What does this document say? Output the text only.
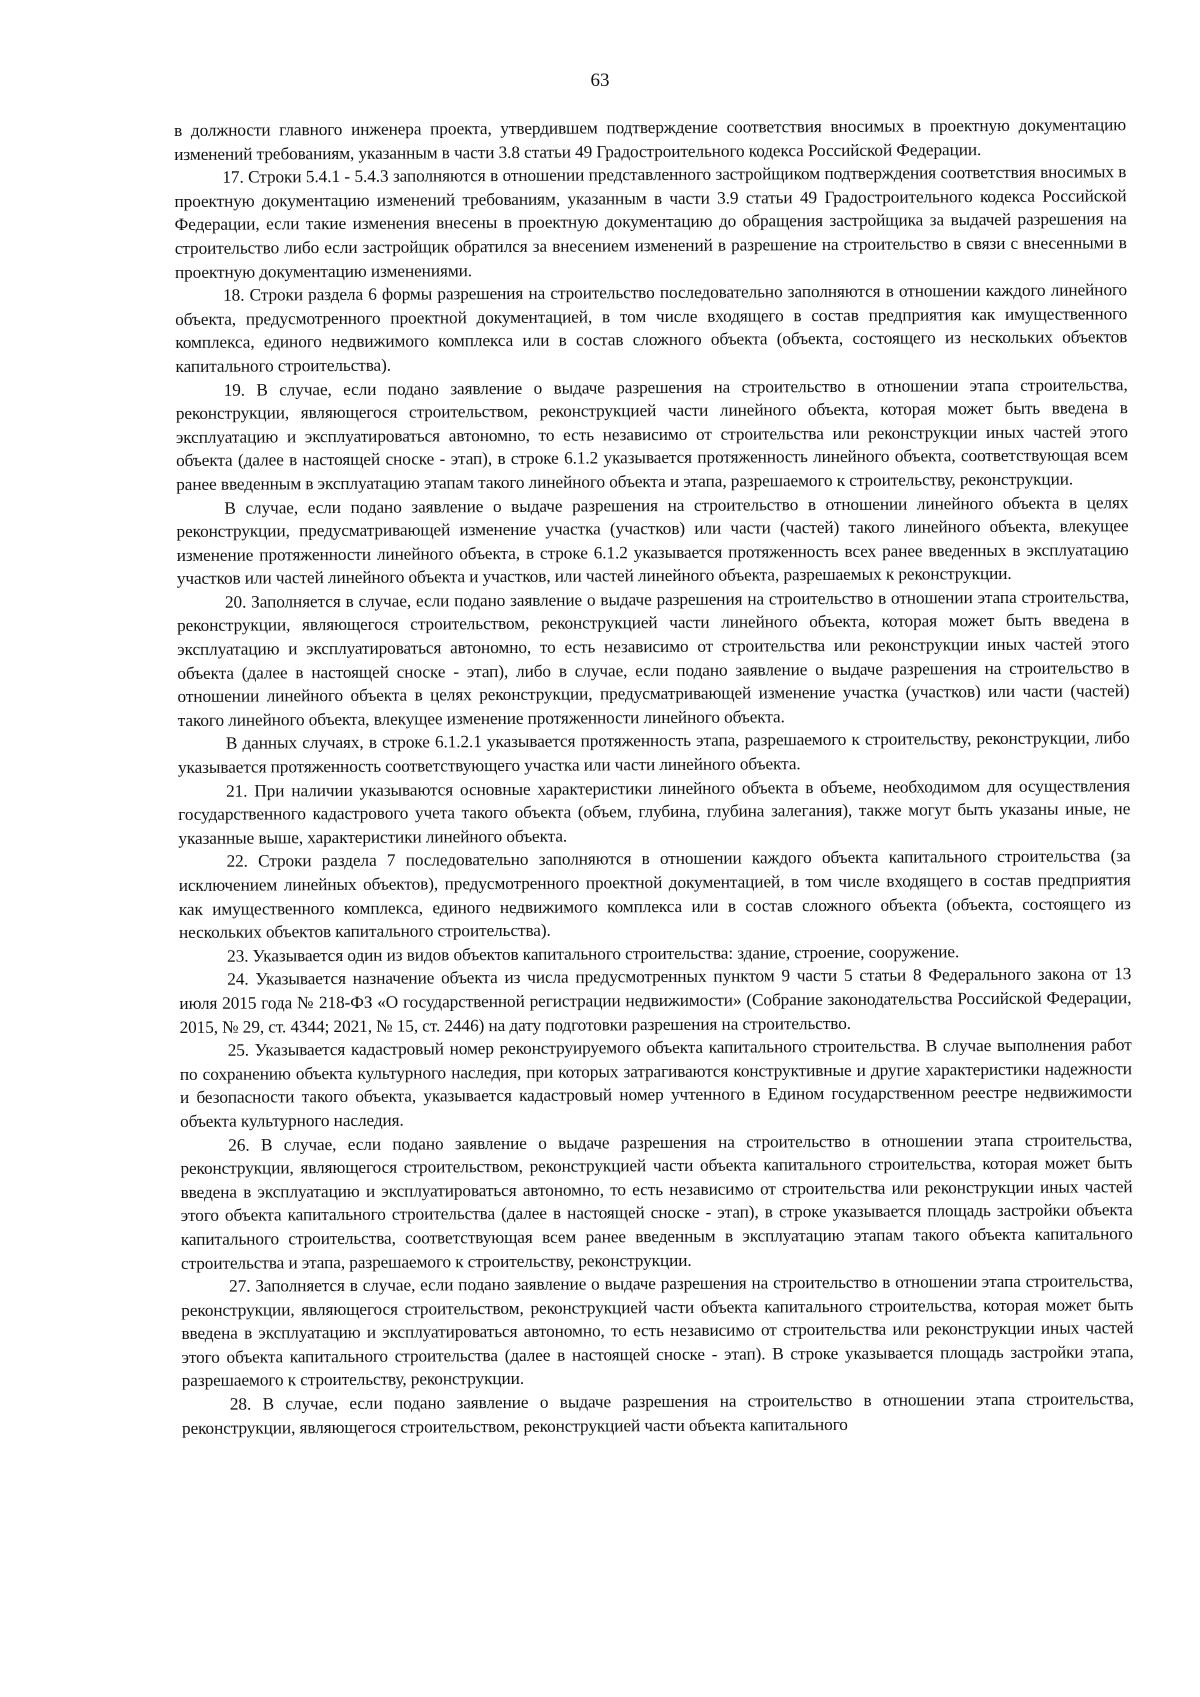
63

в должности главного инженера проекта, утвердившем подтверждение соответствия вносимых в проектную документацию изменений требованиям, указанным в части 3.8 статьи 49 Градостроительного кодекса Российской Федерации.

17. Строки 5.4.1 - 5.4.3 заполняются в отношении представленного застройщиком подтверждения соответствия вносимых в проектную документацию изменений требованиям, указанным в части 3.9 статьи 49 Градостроительного кодекса Российской Федерации, если такие изменения внесены в проектную документацию до обращения застройщика за выдачей разрешения на строительство либо если застройщик обратился за внесением изменений в разрешение на строительство в связи с внесенными в проектную документацию изменениями.

18. Строки раздела 6 формы разрешения на строительство последовательно заполняются в отношении каждого линейного объекта, предусмотренного проектной документацией, в том числе входящего в состав предприятия как имущественного комплекса, единого недвижимого комплекса или в состав сложного объекта (объекта, состоящего из нескольких объектов капитального строительства).

19. В случае, если подано заявление о выдаче разрешения на строительство в отношении этапа строительства, реконструкции, являющегося строительством, реконструкцией части линейного объекта, которая может быть введена в эксплуатацию и эксплуатироваться автономно, то есть независимо от строительства или реконструкции иных частей этого объекта (далее в настоящей сноске - этап), в строке 6.1.2 указывается протяженность линейного объекта, соответствующая всем ранее введенным в эксплуатацию этапам такого линейного объекта и этапа, разрешаемого к строительству, реконструкции.

В случае, если подано заявление о выдаче разрешения на строительство в отношении линейного объекта в целях реконструкции, предусматривающей изменение участка (участков) или части (частей) такого линейного объекта, влекущее изменение протяженности линейного объекта, в строке 6.1.2 указывается протяженность всех ранее введенных в эксплуатацию участков или частей линейного объекта и участков, или частей линейного объекта, разрешаемых к реконструкции.

20. Заполняется в случае, если подано заявление о выдаче разрешения на строительство в отношении этапа строительства, реконструкции, являющегося строительством, реконструкцией части линейного объекта, которая может быть введена в эксплуатацию и эксплуатироваться автономно, то есть независимо от строительства или реконструкции иных частей этого объекта (далее в настоящей сноске - этап), либо в случае, если подано заявление о выдаче разрешения на строительство в отношении линейного объекта в целях реконструкции, предусматривающей изменение участка (участков) или части (частей) такого линейного объекта, влекущее изменение протяженности линейного объекта.

В данных случаях, в строке 6.1.2.1 указывается протяженность этапа, разрешаемого к строительству, реконструкции, либо указывается протяженность соответствующего участка или части линейного объекта.

21. При наличии указываются основные характеристики линейного объекта в объеме, необходимом для осуществления государственного кадастрового учета такого объекта (объем, глубина, глубина залегания), также могут быть указаны иные, не указанные выше, характеристики линейного объекта.

22. Строки раздела 7 последовательно заполняются в отношении каждого объекта капитального строительства (за исключением линейных объектов), предусмотренного проектной документацией, в том числе входящего в состав предприятия как имущественного комплекса, единого недвижимого комплекса или в состав сложного объекта (объекта, состоящего из нескольких объектов капитального строительства).

23. Указывается один из видов объектов капитального строительства: здание, строение, сооружение.

24. Указывается назначение объекта из числа предусмотренных пунктом 9 части 5 статьи 8 Федерального закона от 13 июля 2015 года № 218-ФЗ «О государственной регистрации недвижимости» (Собрание законодательства Российской Федерации, 2015, № 29, ст. 4344; 2021, № 15, ст. 2446) на дату подготовки разрешения на строительство.

25. Указывается кадастровый номер реконструируемого объекта капитального строительства. В случае выполнения работ по сохранению объекта культурного наследия, при которых затрагиваются конструктивные и другие характеристики надежности и безопасности такого объекта, указывается кадастровый номер учтенного в Едином государственном реестре недвижимости объекта культурного наследия.

26. В случае, если подано заявление о выдаче разрешения на строительство в отношении этапа строительства, реконструкции, являющегося строительством, реконструкцией части объекта капитального строительства, которая может быть введена в эксплуатацию и эксплуатироваться автономно, то есть независимо от строительства или реконструкции иных частей этого объекта капитального строительства (далее в настоящей сноске - этап), в строке указывается площадь застройки объекта капитального строительства, соответствующая всем ранее введенным в эксплуатацию этапам такого объекта капитального строительства и этапа, разрешаемого к строительству, реконструкции.

27. Заполняется в случае, если подано заявление о выдаче разрешения на строительство в отношении этапа строительства, реконструкции, являющегося строительством, реконструкцией части объекта капитального строительства, которая может быть введена в эксплуатацию и эксплуатироваться автономно, то есть независимо от строительства или реконструкции иных частей этого объекта капитального строительства (далее в настоящей сноске - этап). В строке указывается площадь застройки этапа, разрешаемого к строительству, реконструкции.

28. В случае, если подано заявление о выдаче разрешения на строительство в отношении этапа строительства, реконструкции, являющегося строительством, реконструкцией части объекта капитального
